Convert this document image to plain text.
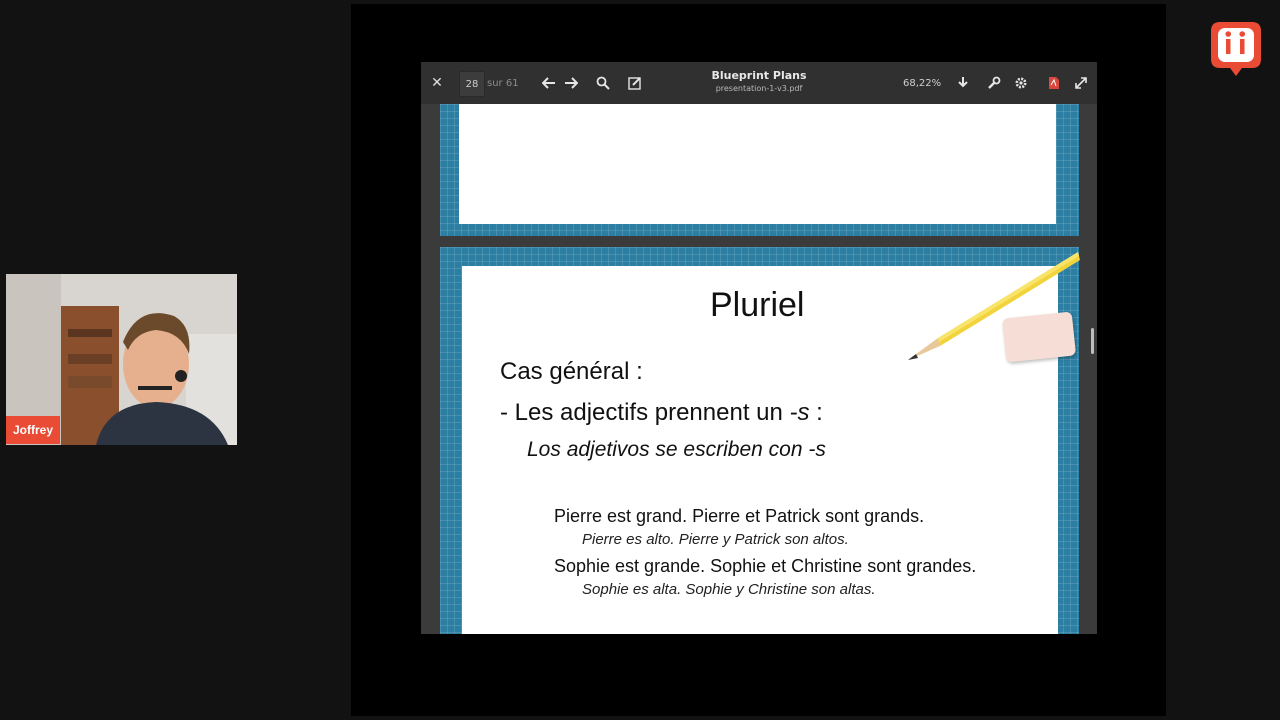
✕	28 sur 61
Blueprint Plans
presentation-1-v3.pdf	68,22%
Pluriel
Cas général :
- Les adjectifs prennent un -s :
Los adjetivos se escriben con -s
Pierre est grand. Pierre et Patrick sont grands.
Pierre es alto. Pierre y Patrick son altos.
Sophie est grande. Sophie et Christine sont grandes.
Sophie es alta. Sophie y Christine son altas.
Joffrey
